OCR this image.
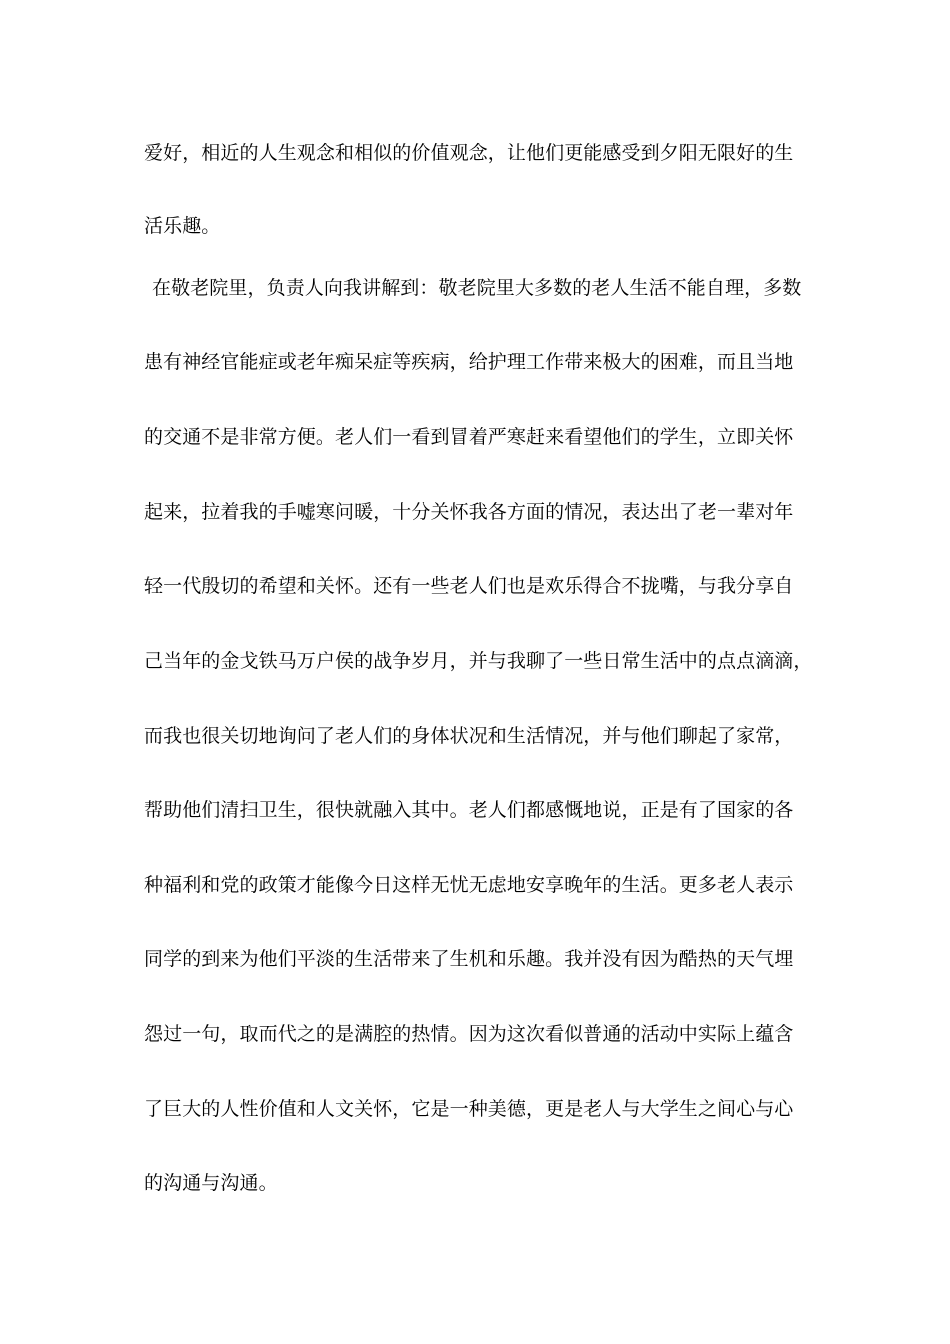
爱好，相近的人生观念和相似的价值观念，让他们更能感受到夕阳无限好的生
活乐趣。
在敬老院里，负责人向我讲解到：敬老院里大多数的老人生活不能自理，多数
患有神经官能症或老年痴呆症等疾病，给护理工作带来极大的困难，而且当地
的交通不是非常方便。老人们一看到冒着严寒赶来看望他们的学生，立即关怀
起来，拉着我的手嘘寒问暖，十分关怀我各方面的情况，表达出了老一辈对年
轻一代殷切的希望和关怀。还有一些老人们也是欢乐得合不拢嘴，与我分享自
己当年的金戈铁马万户侯的战争岁月，并与我聊了一些日常生活中的点点滴滴，
而我也很关切地询问了老人们的身体状况和生活情况，并与他们聊起了家常，
帮助他们清扫卫生，很快就融入其中。老人们都感慨地说，正是有了国家的各
种福利和党的政策才能像今日这样无忧无虑地安享晚年的生活。更多老人表示
同学的到来为他们平淡的生活带来了生机和乐趣。我并没有因为酷热的天气埋
怨过一句，取而代之的是满腔的热情。因为这次看似普通的活动中实际上蕴含
了巨大的人性价值和人文关怀，它是一种美德，更是老人与大学生之间心与心
的沟通与沟通。
